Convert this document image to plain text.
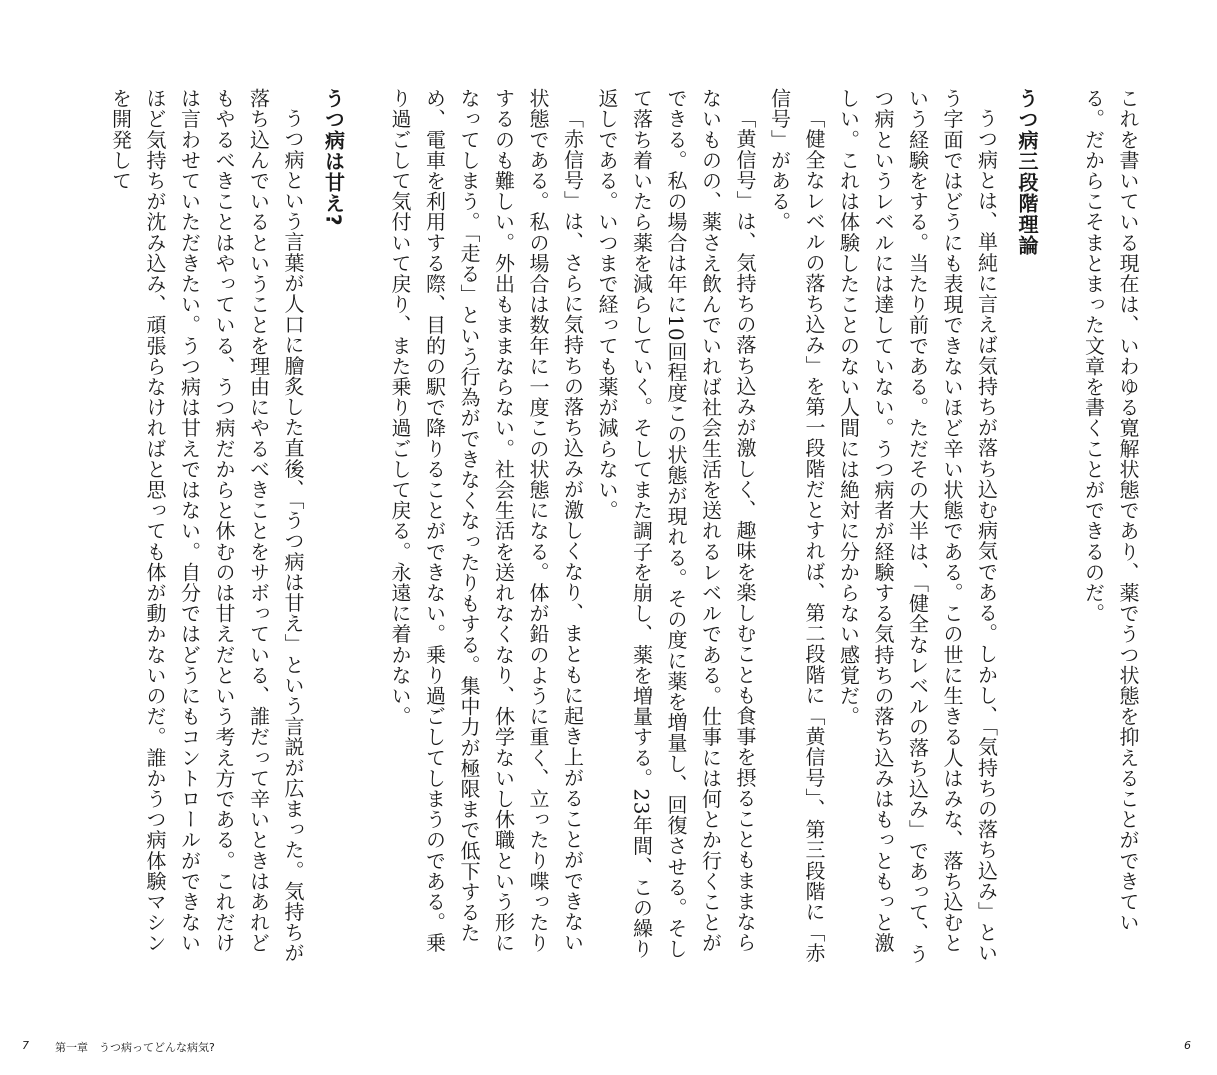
これを書いている現在は、いわゆる寛解状態であり、薬でうつ状態を抑えることができている。だからこそまとまった文章を書くことができるのだ。

うつ病三段階理論

うつ病とは、単純に言えば気持ちが落ち込む病気である。しかし、「気持ちの落ち込み」という字面ではどうにも表現できないほど辛い状態である。この世に生きる人はみな、落ち込むという経験をする。当たり前である。ただその大半は、「健全なレベルの落ち込み」であって、うつ病というレベルには達していない。うつ病者が経験する気持ちの落ち込みはもっともっと激しい。これは体験したことのない人間には絶対に分からない感覚だ。

「健全なレベルの落ち込み」を第一段階だとすれば、第二段階に「黄信号」、第三段階に「赤信号」がある。

「黄信号」は、気持ちの落ち込みが激しく、趣味を楽しむことも食事を摂ることもままならないものの、薬さえ飲んでいれば社会生活を送れるレベルである。仕事には何とか行くことができる。私の場合は年に10回程度この状態が現れる。その度に薬を増量し、回復させる。そして落ち着いたら薬を減らしていく。そしてまた調子を崩し、薬を増量する。23年間、この繰り返しである。いつまで経っても薬が減らない。

「赤信号」は、さらに気持ちの落ち込みが激しくなり、まともに起き上がることができない状態である。私の場合は数年に一度この状態になる。体が鉛のように重く、立ったり喋ったりするのも難しい。外出もままならない。社会生活を送れなくなり、休学ないし休職という形になってしまう。「走る」という行為ができなくなったりもする。集中力が極限まで低下するため、電車を利用する際、目的の駅で降りることができない。乗り過ごしてしまうのである。乗り過ごして気付いて戻り、また乗り過ごして戻る。永遠に着かない。

うつ病は甘え?

うつ病という言葉が人口に膾炙した直後、「うつ病は甘え」という言説が広まった。気持ちが落ち込んでいるということを理由にやるべきことをサボっている、誰だって辛いときはあれどもやるべきことはやっている、うつ病だからと休むのは甘えだという考え方である。これだけは言わせていただきたい。うつ病は甘えではない。自分ではどうにもコントロールができないほど気持ちが沈み込み、頑張らなければと思っても体が動かないのだ。誰かうつ病体験マシンを開発して

7 第一章　うつ病ってどんな病気?	6
